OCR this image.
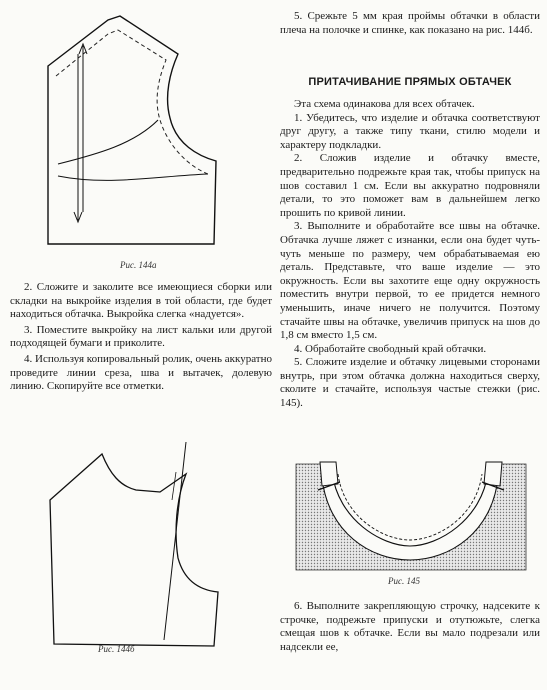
Рис. 144а

2. Сложите и заколите все имеющиеся сборки или складки на выкройке изделия в той области, где будет находиться обтачка. Выкройка слегка «надуется».

3. Поместите выкройку на лист кальки или другой подходящей бумаги и приколите.

4. Используя копировальный ролик, очень аккуратно проведите линии среза, шва и вытачек, долевую линию. Скопируйте все отметки.

Рис. 144б

5. Срежьте 5 мм края проймы обтачки в области плеча на полочке и спинке, как показано на рис. 144б.

ПРИТАЧИВАНИЕ ПРЯМЫХ ОБТАЧЕК

Эта схема одинакова для всех обтачек.

1. Убедитесь, что изделие и обтачка соответствуют друг другу, а также типу ткани, стилю модели и характеру подкладки.

2. Сложив изделие и обтачку вместе, предварительно подрежьте края так, чтобы припуск на шов составил 1 см. Если вы аккуратно подровняли детали, то это поможет вам в дальнейшем легко прошить по кривой линии.

3. Выполните и обработайте все швы на обтачке. Обтачка лучше ляжет с изнанки, если она будет чуть-чуть меньше по размеру, чем обрабатываемая ею деталь. Представьте, что ваше изделие — это окружность. Если вы захотите еще одну окружность поместить внутри первой, то ее придется немного уменьшить, иначе ничего не получится. Поэтому стачайте швы на обтачке, увеличив припуск на шов до 1,8 см вместо 1,5 см.

4. Обработайте свободный край обтачки.

5. Сложите изделие и обтачку лицевыми сторонами внутрь, при этом обтачка должна находиться сверху, сколите и стачайте, используя частые стежки (рис. 145).

Рис. 145

6. Выполните закрепляющую строчку, надсеките к строчке, подрежьте припуски и отутюжьте, слегка смещая шов к обтачке. Если вы мало подрезали или надсекли ее,
